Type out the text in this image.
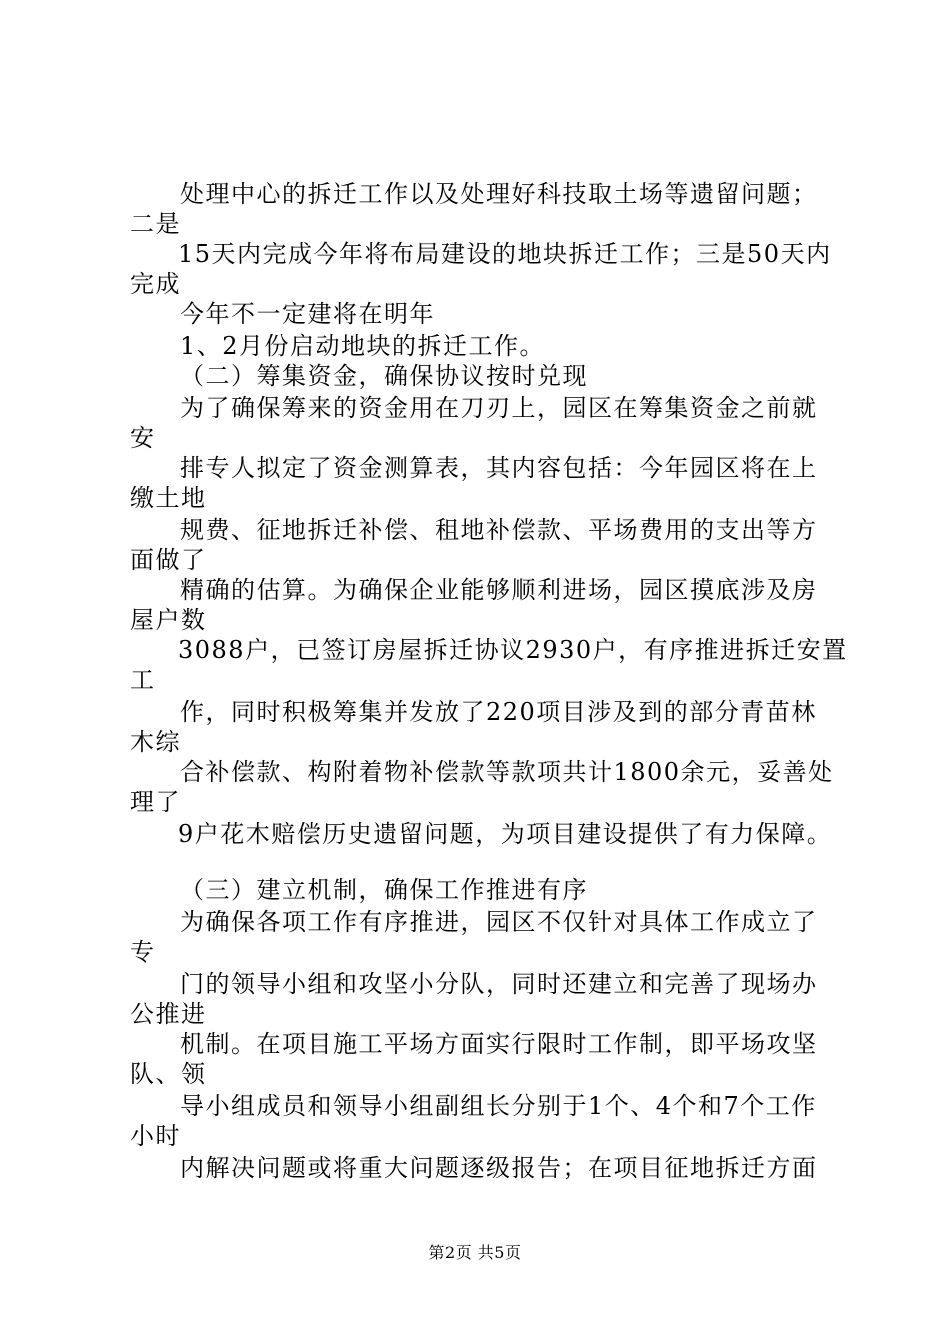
处理中心的拆迁工作以及处理好科技取土场等遗留问题；
二是
15天内完成今年将布局建设的地块拆迁工作；三是50天内
完成
今年不一定建将在明年
1、2月份启动地块的拆迁工作。
（二）筹集资金，确保协议按时兑现
为了确保筹来的资金用在刀刃上，园区在筹集资金之前就
安
排专人拟定了资金测算表，其内容包括：今年园区将在上
缴土地
规费、征地拆迁补偿、租地补偿款、平场费用的支出等方
面做了
精确的估算。为确保企业能够顺利进场，园区摸底涉及房
屋户数
3088户，已签订房屋拆迁协议2930户，有序推进拆迁安置
工
作，同时积极筹集并发放了220项目涉及到的部分青苗林
木综
合补偿款、构附着物补偿款等款项共计1800余元，妥善处
理了
9户花木赔偿历史遗留问题，为项目建设提供了有力保障。
（三）建立机制，确保工作推进有序
为确保各项工作有序推进，园区不仅针对具体工作成立了
专
门的领导小组和攻坚小分队，同时还建立和完善了现场办
公推进
机制。在项目施工平场方面实行限时工作制，即平场攻坚
队、领
导小组成员和领导小组副组长分别于1个、4个和7个工作
小时
内解决问题或将重大问题逐级报告；在项目征地拆迁方面
第2页 共5页
